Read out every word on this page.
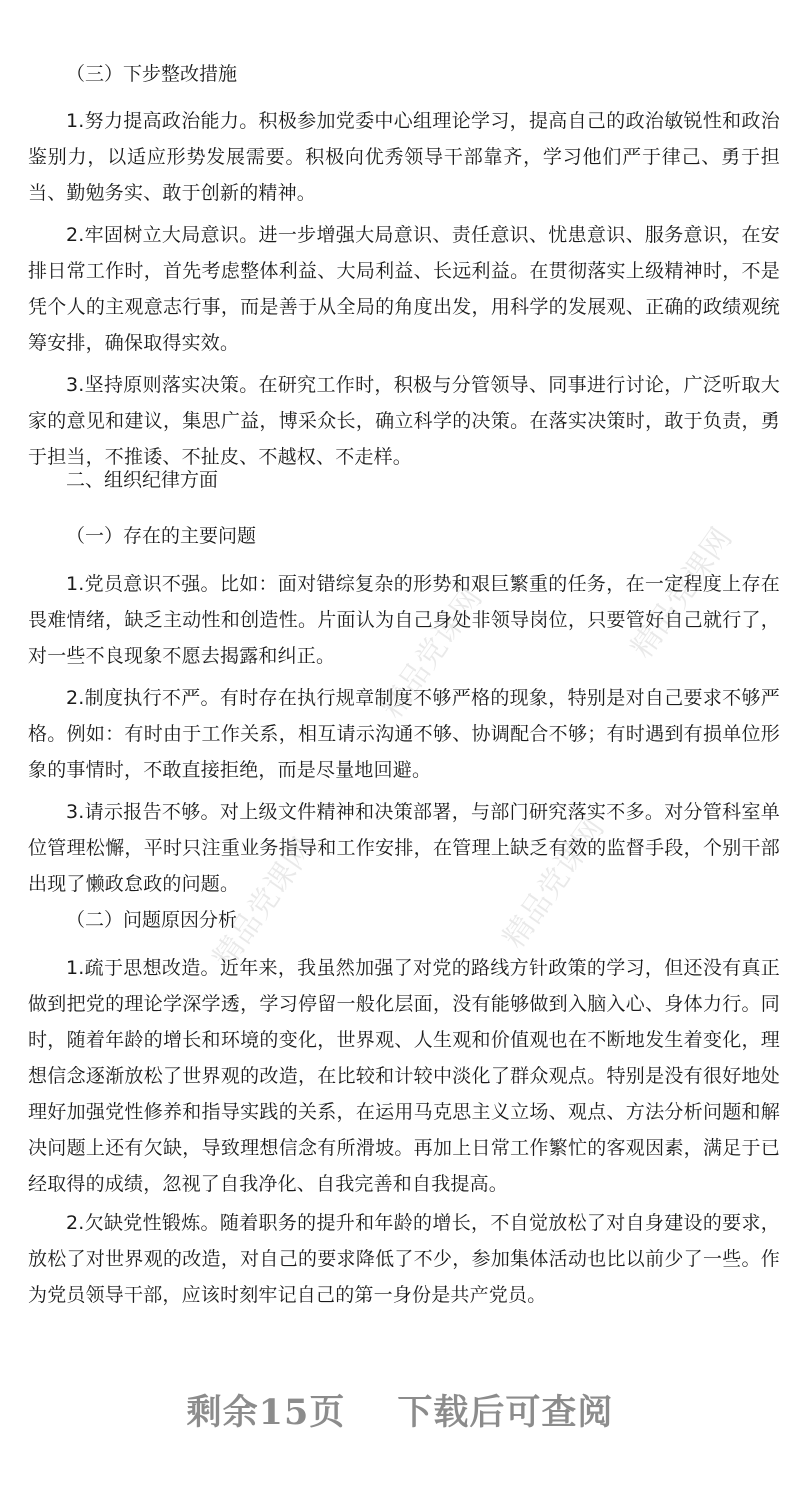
精品党课网	精品党课网
精品党课网	精品党课网
（三）下步整改措施

1.努力提高政治能力。积极参加党委中心组理论学习，提高自己的政治敏锐性和政治鉴别力，以适应形势发展需要。积极向优秀领导干部靠齐，学习他们严于律己、勇于担当、勤勉务实、敢于创新的精神。

2.牢固树立大局意识。进一步增强大局意识、责任意识、忧患意识、服务意识，在安排日常工作时，首先考虑整体利益、大局利益、长远利益。在贯彻落实上级精神时，不是凭个人的主观意志行事，而是善于从全局的角度出发，用科学的发展观、正确的政绩观统筹安排，确保取得实效。

3.坚持原则落实决策。在研究工作时，积极与分管领导、同事进行讨论，广泛听取大家的意见和建议，集思广益，博采众长，确立科学的决策。在落实决策时，敢于负责，勇于担当，不推诿、不扯皮、不越权、不走样。

二、组织纪律方面
（一）存在的主要问题

1.党员意识不强。比如：面对错综复杂的形势和艰巨繁重的任务，在一定程度上存在畏难情绪，缺乏主动性和创造性。片面认为自己身处非领导岗位，只要管好自己就行了，对一些不良现象不愿去揭露和纠正。

2.制度执行不严。有时存在执行规章制度不够严格的现象，特别是对自己要求不够严格。例如：有时由于工作关系，相互请示沟通不够、协调配合不够；有时遇到有损单位形象的事情时，不敢直接拒绝，而是尽量地回避。

3.请示报告不够。对上级文件精神和决策部署，与部门研究落实不多。对分管科室单位管理松懈，平时只注重业务指导和工作安排，在管理上缺乏有效的监督手段，个别干部出现了懒政怠政的问题。

（二）问题原因分析

1.疏于思想改造。近年来，我虽然加强了对党的路线方针政策的学习，但还没有真正做到把党的理论学深学透，学习停留一般化层面，没有能够做到入脑入心、身体力行。同时，随着年龄的增长和环境的变化，世界观、人生观和价值观也在不断地发生着变化，理想信念逐渐放松了世界观的改造，在比较和计较中淡化了群众观点。特别是没有很好地处理好加强党性修养和指导实践的关系，在运用马克思主义立场、观点、方法分析问题和解决问题上还有欠缺，导致理想信念有所滑坡。再加上日常工作繁忙的客观因素，满足于已经取得的成绩，忽视了自我净化、自我完善和自我提高。

2.欠缺党性锻炼。随着职务的提升和年龄的增长，不自觉放松了对自身建设的要求，放松了对世界观的改造，对自己的要求降低了不少，参加集体活动也比以前少了一些。作为党员领导干部，应该时刻牢记自己的第一身份是共产党员。

剩余15页 下载后可查阅
